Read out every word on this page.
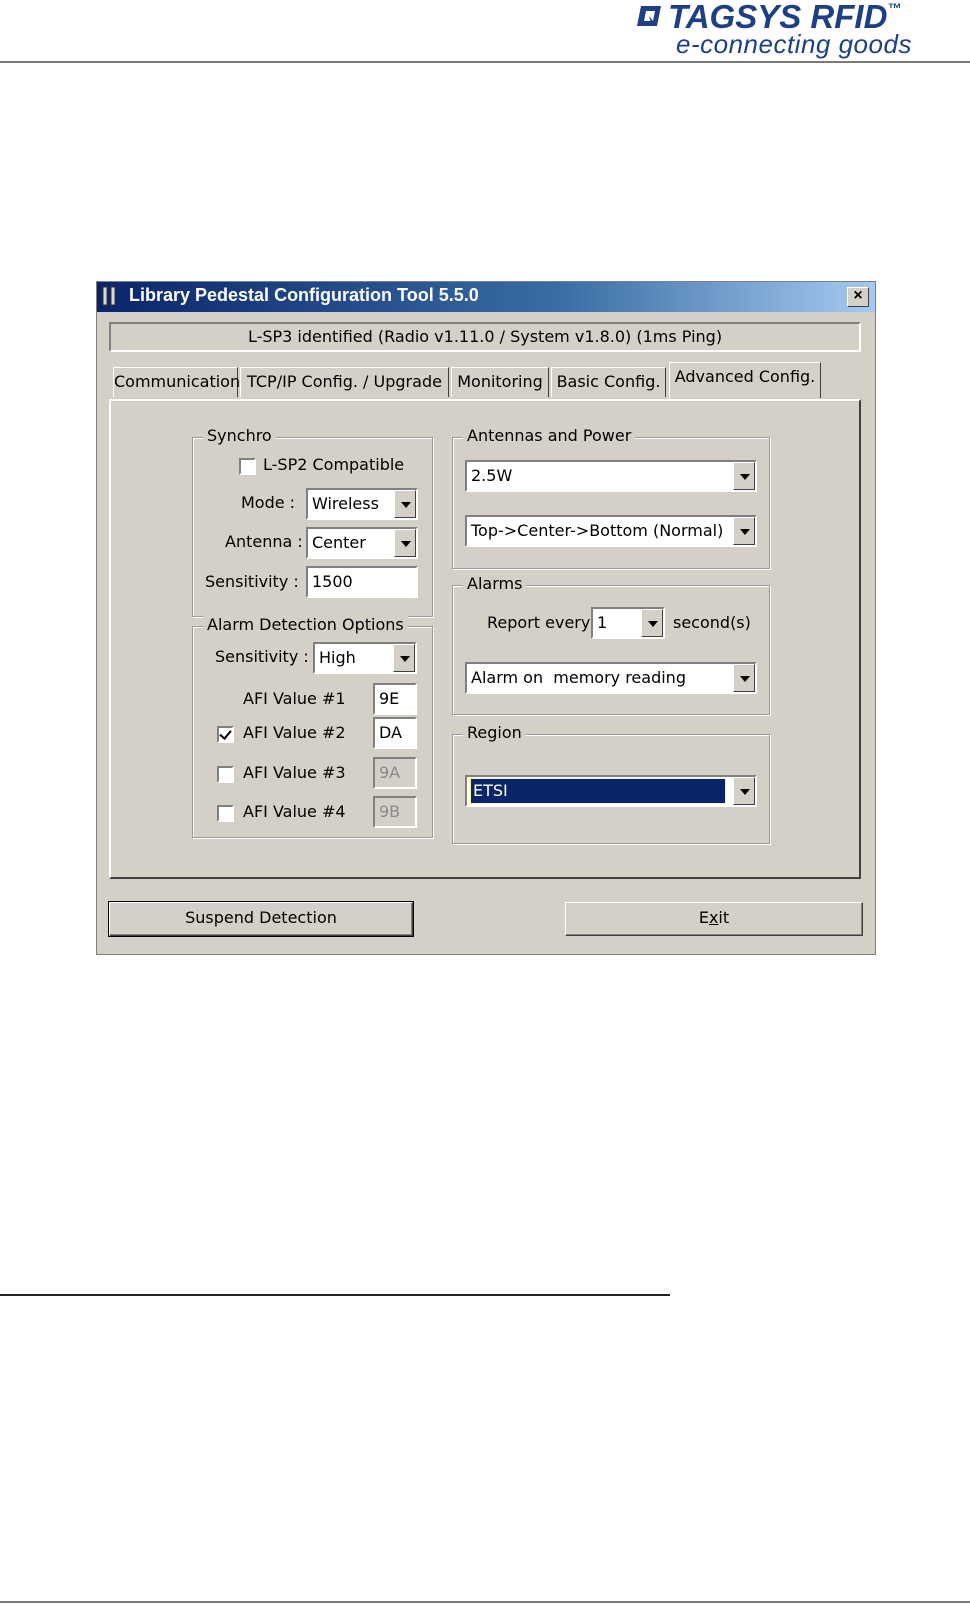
TAGSYS RFID™
e-connecting goods
Library Pedestal Configuration Tool 5.5.0	×
L-SP3 identified (Radio v1.11.0 / System v1.8.0) (1ms Ping)
Communication TCP/IP Config. / Upgrade Monitoring Basic Config. Advanced Config.
Synchro
L-SP2 Compatible
Mode :	Wireless
Antenna : Center
Sensitivity : 1500
Alarm Detection Options
Sensitivity : High
AFI Value #1	9E
AFI Value #2	DA
AFI Value #3	9A
AFI Value #4	9B
Antennas and Power
2.5W
Top->Center->Bottom (Normal)
Alarms
Report every 1	second(s)
Alarm on  memory reading
Region
ETSI
Suspend Detection	Exit
